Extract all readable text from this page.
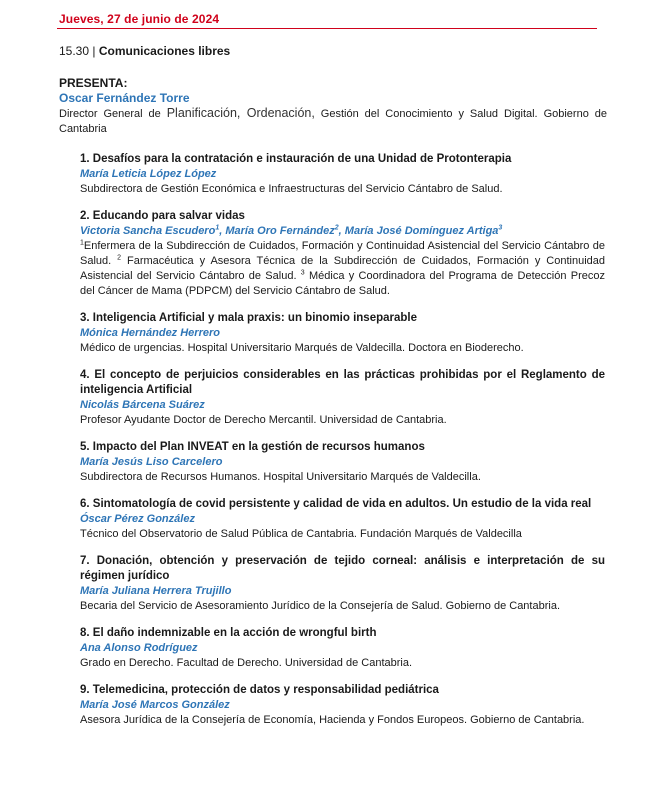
Jueves, 27 de junio de 2024
15.30 | Comunicaciones libres
PRESENTA:
Oscar Fernández Torre
Director General de Planificación, Ordenación, Gestión del Conocimiento y Salud Digital. Gobierno de Cantabria
1. Desafíos para la contratación e instauración de una Unidad de Protonterapia
María Leticia López López
Subdirectora de Gestión Económica e Infraestructuras del Servicio Cántabro de Salud.
2. Educando para salvar vidas
Victoria Sancha Escudero$^1$, María Oro Fernández$^2$, María José Domínguez Artiga$^3$
$^1$Enfermera de la Subdirección de Cuidados, Formación y Continuidad Asistencial del Servicio Cántabro de Salud. $^2$ Farmacéutica y Asesora Técnica de la Subdirección de Cuidados, Formación y Continuidad Asistencial del Servicio Cántabro de Salud. $^3$ Médica y Coordinadora del Programa de Detección Precoz del Cáncer de Mama (PDPCM) del Servicio Cántabro de Salud.
3. Inteligencia Artificial y mala praxis: un binomio inseparable
Mónica Hernández Herrero
Médico de urgencias. Hospital Universitario Marqués de Valdecilla. Doctora en Bioderecho.
4. El concepto de perjuicios considerables en las prácticas prohibidas por el Reglamento de inteligencia Artificial
Nicolás Bárcena Suárez
Profesor Ayudante Doctor de Derecho Mercantil. Universidad de Cantabria.
5. Impacto del Plan INVEAT en la gestión de recursos humanos
María Jesús Liso Carcelero
Subdirectora de Recursos Humanos. Hospital Universitario Marqués de Valdecilla.
6. Sintomatología de covid persistente y calidad de vida en adultos. Un estudio de la vida real
Óscar Pérez González
Técnico del Observatorio de Salud Pública de Cantabria. Fundación Marqués de Valdecilla
7. Donación, obtención y preservación de tejido corneal: análisis e interpretación de su régimen jurídico
María Juliana Herrera Trujillo
Becaria del Servicio de Asesoramiento Jurídico de la Consejería de Salud. Gobierno de Cantabria.
8. El daño indemnizable en la acción de wrongful birth
Ana Alonso Rodríguez
Grado en Derecho. Facultad de Derecho. Universidad de Cantabria.
9. Telemedicina, protección de datos y responsabilidad pediátrica
María José Marcos González
Asesora Jurídica de la Consejería de Economía, Hacienda y Fondos Europeos. Gobierno de Cantabria.
